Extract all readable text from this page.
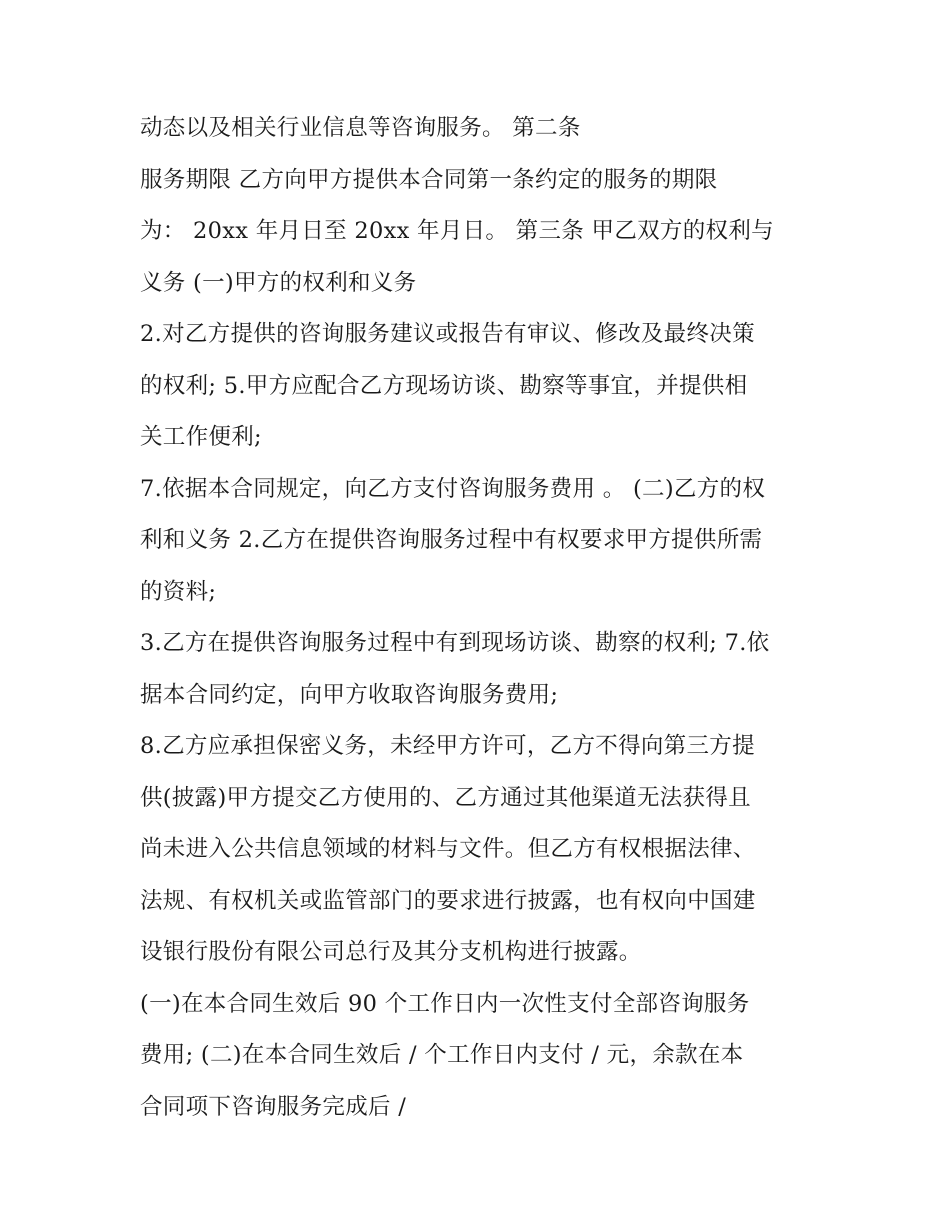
动态以及相关行业信息等咨询服务。 第二条
服务期限 乙方向甲方提供本合同第一条约定的服务的期限
为： 20xx 年月日至 20xx 年月日。 第三条 甲乙双方的权利与
义务 (一)甲方的权利和义务
2.对乙方提供的咨询服务建议或报告有审议、修改及最终决策
的权利; 5.甲方应配合乙方现场访谈、勘察等事宜，并提供相
关工作便利;
7.依据本合同规定，向乙方支付咨询服务费用 。 (二)乙方的权
利和义务 2.乙方在提供咨询服务过程中有权要求甲方提供所需
的资料;
3.乙方在提供咨询服务过程中有到现场访谈、勘察的权利; 7.依
据本合同约定，向甲方收取咨询服务费用;
8.乙方应承担保密义务，未经甲方许可，乙方不得向第三方提
供(披露)甲方提交乙方使用的、乙方通过其他渠道无法获得且
尚未进入公共信息领域的材料与文件。但乙方有权根据法律、
法规、有权机关或监管部门的要求进行披露，也有权向中国建
设银行股份有限公司总行及其分支机构进行披露。
(一)在本合同生效后 90 个工作日内一次性支付全部咨询服务
费用; (二)在本合同生效后 / 个工作日内支付 / 元，余款在本
合同项下咨询服务完成后 /
